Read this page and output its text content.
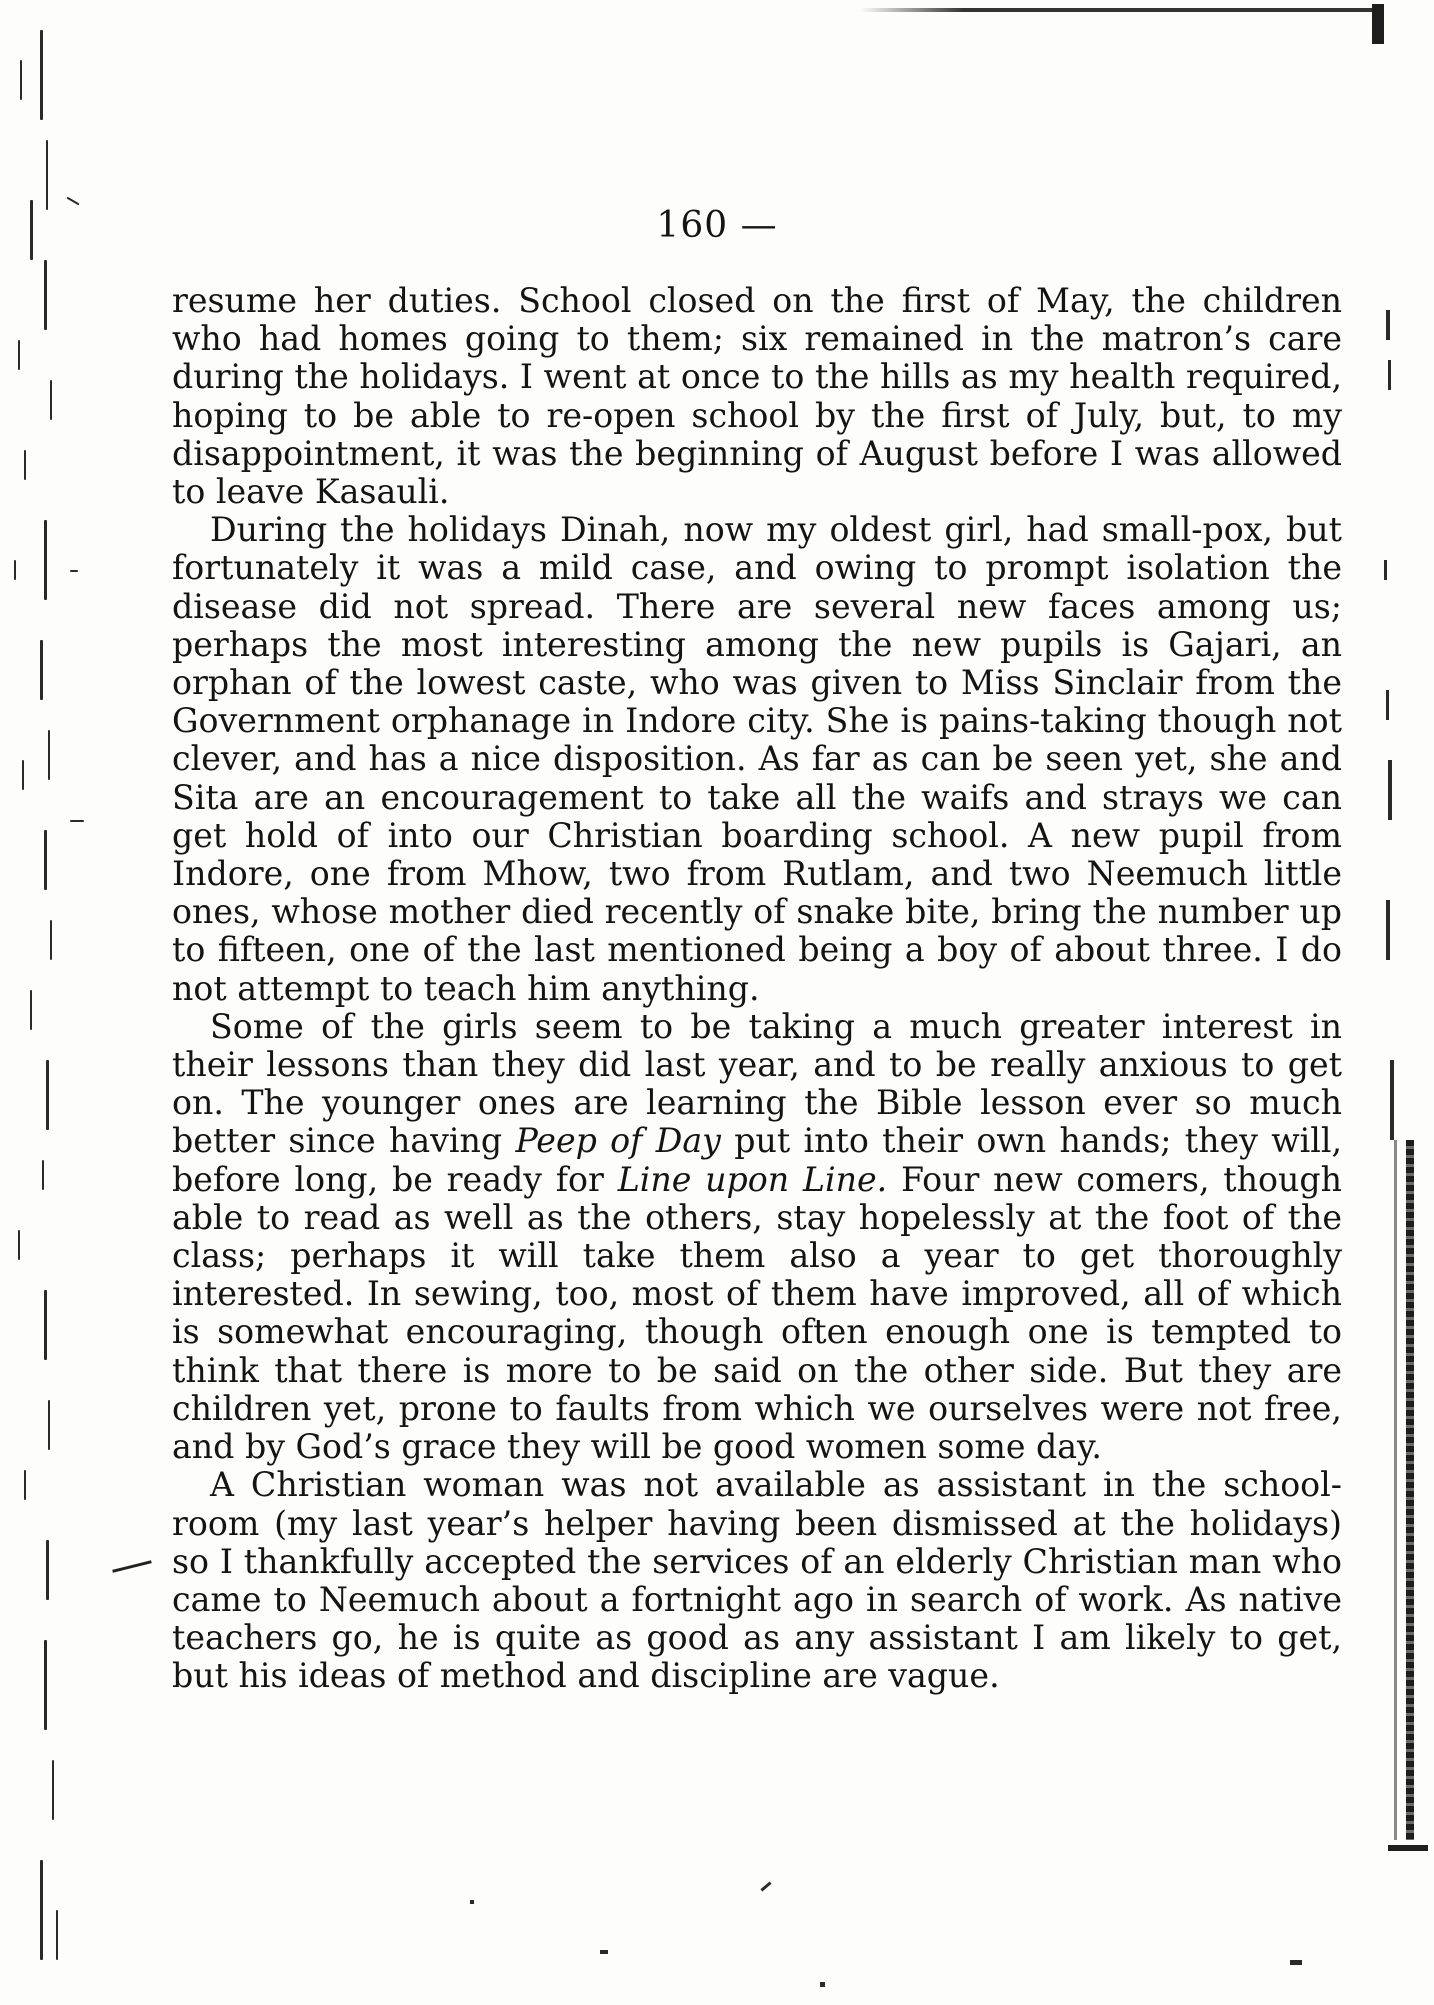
160 —

resume her duties. School closed on the first of May, the children who had homes going to them; six remained in the matron’s care during the holidays. I went at once to the hills as my health required, hoping to be able to re-open school by the first of July, but, to my disappointment, it was the beginning of August before I was allowed to leave Kasauli.

During the holidays Dinah, now my oldest girl, had small-pox, but fortunately it was a mild case, and owing to prompt isolation the disease did not spread. There are several new faces among us; perhaps the most interesting among the new pupils is Gajari, an orphan of the lowest caste, who was given to Miss Sinclair from the Government orphanage in Indore city. She is pains-taking though not clever, and has a nice disposition. As far as can be seen yet, she and Sita are an encouragement to take all the waifs and strays we can get hold of into our Christian boarding school. A new pupil from Indore, one from Mhow, two from Rutlam, and two Neemuch little ones, whose mother died recently of snake bite, bring the number up to fifteen, one of the last mentioned being a boy of about three. I do not attempt to teach him anything.

Some of the girls seem to be taking a much greater interest in their lessons than they did last year, and to be really anxious to get on. The younger ones are learning the Bible lesson ever so much better since having Peep of Day put into their own hands; they will, before long, be ready for Line upon Line. Four new comers, though able to read as well as the others, stay hopelessly at the foot of the class; perhaps it will take them also a year to get thoroughly interested. In sewing, too, most of them have improved, all of which is somewhat encouraging, though often enough one is tempted to think that there is more to be said on the other side. But they are children yet, prone to faults from which we ourselves were not free, and by God’s grace they will be good women some day.

A Christian woman was not available as assistant in the school-room (my last year’s helper having been dismissed at the holidays) so I thankfully accepted the services of an elderly Christian man who came to Neemuch about a fortnight ago in search of work. As native teachers go, he is quite as good as any assistant I am likely to get, but his ideas of method and discipline are vague.
